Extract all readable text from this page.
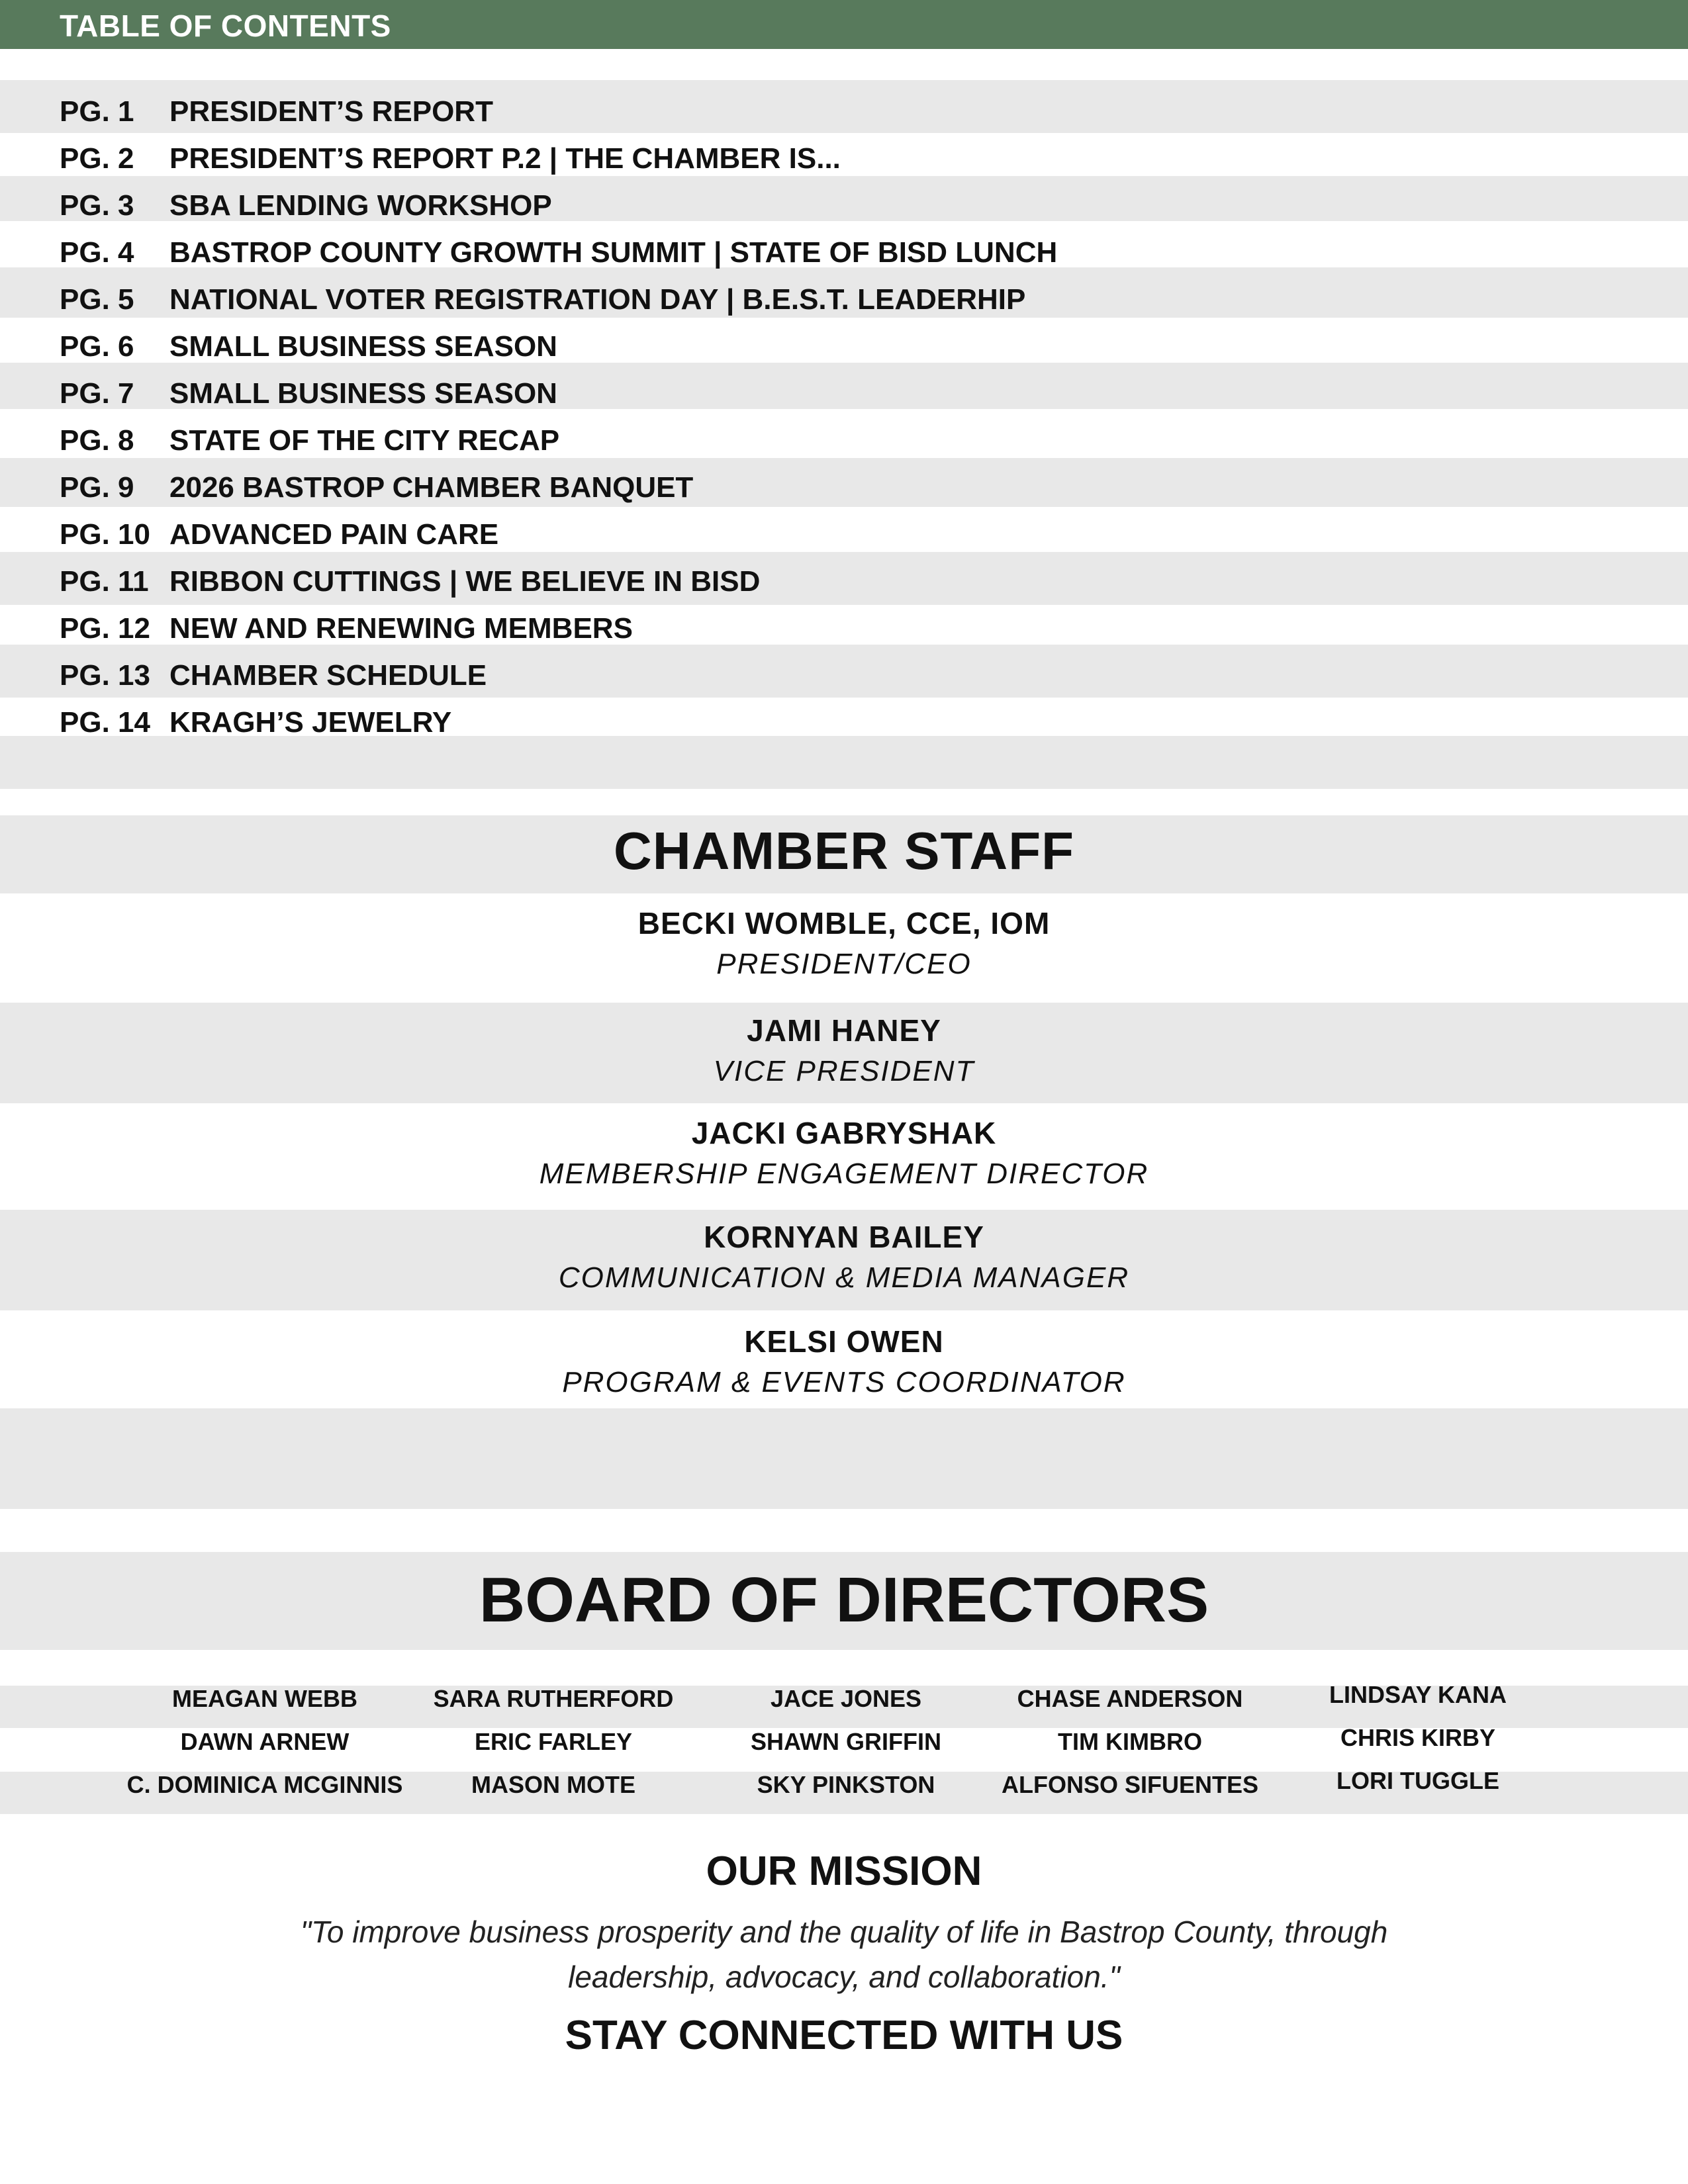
TABLE OF CONTENTS
PG. 1 PRESIDENT’S REPORT
PG. 2 PRESIDENT’S REPORT P.2 | THE CHAMBER IS...
PG. 3 SBA LENDING WORKSHOP
PG. 4 BASTROP COUNTY GROWTH SUMMIT | STATE OF BISD LUNCH
PG. 5 NATIONAL VOTER REGISTRATION DAY | B.E.S.T. LEADERHIP
PG. 6 SMALL BUSINESS SEASON
PG. 7 SMALL BUSINESS SEASON
PG. 8 STATE OF THE CITY RECAP
PG. 9 2026 BASTROP CHAMBER BANQUET
PG. 10 ADVANCED PAIN CARE
PG. 11 RIBBON CUTTINGS | WE BELIEVE IN BISD
PG. 12 NEW AND RENEWING MEMBERS
PG. 13 CHAMBER SCHEDULE
PG. 14 KRAGH’S JEWELRY
CHAMBER STAFF
BECKI WOMBLE, CCE, IOM
PRESIDENT/CEO
JAMI HANEY
VICE PRESIDENT
JACKI GABRYSHAK
MEMBERSHIP ENGAGEMENT DIRECTOR
KORNYAN BAILEY
COMMUNICATION & MEDIA MANAGER
KELSI OWEN
PROGRAM & EVENTS COORDINATOR
BOARD OF DIRECTORS
MEAGAN WEBB	SARA RUTHERFORD	JACE JONES	CHASE ANDERSON	LINDSAY KANA
DAWN ARNEW	ERIC FARLEY	SHAWN GRIFFIN	TIM KIMBRO	CHRIS KIRBY
C. DOMINICA MCGINNIS	MASON MOTE	SKY PINKSTON	ALFONSO SIFUENTES	LORI TUGGLE
OUR MISSION
"To improve business prosperity and the quality of life in Bastrop County, through
leadership, advocacy, and collaboration."
STAY CONNECTED WITH US
